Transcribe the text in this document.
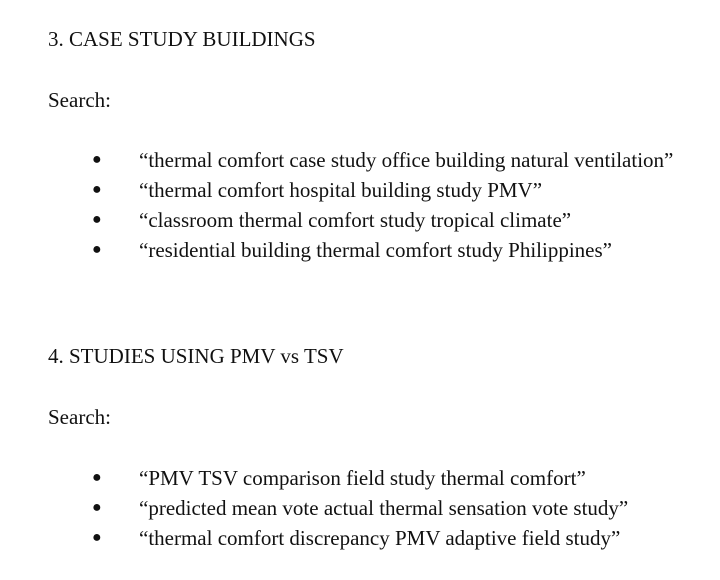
3. CASE STUDY BUILDINGS
Search:
● “thermal comfort case study office building natural ventilation”
● “thermal comfort hospital building study PMV”
● “classroom thermal comfort study tropical climate”
● “residential building thermal comfort study Philippines”
4. STUDIES USING PMV vs TSV
Search:
● “PMV TSV comparison field study thermal comfort”
● “predicted mean vote actual thermal sensation vote study”
● “thermal comfort discrepancy PMV adaptive field study”
